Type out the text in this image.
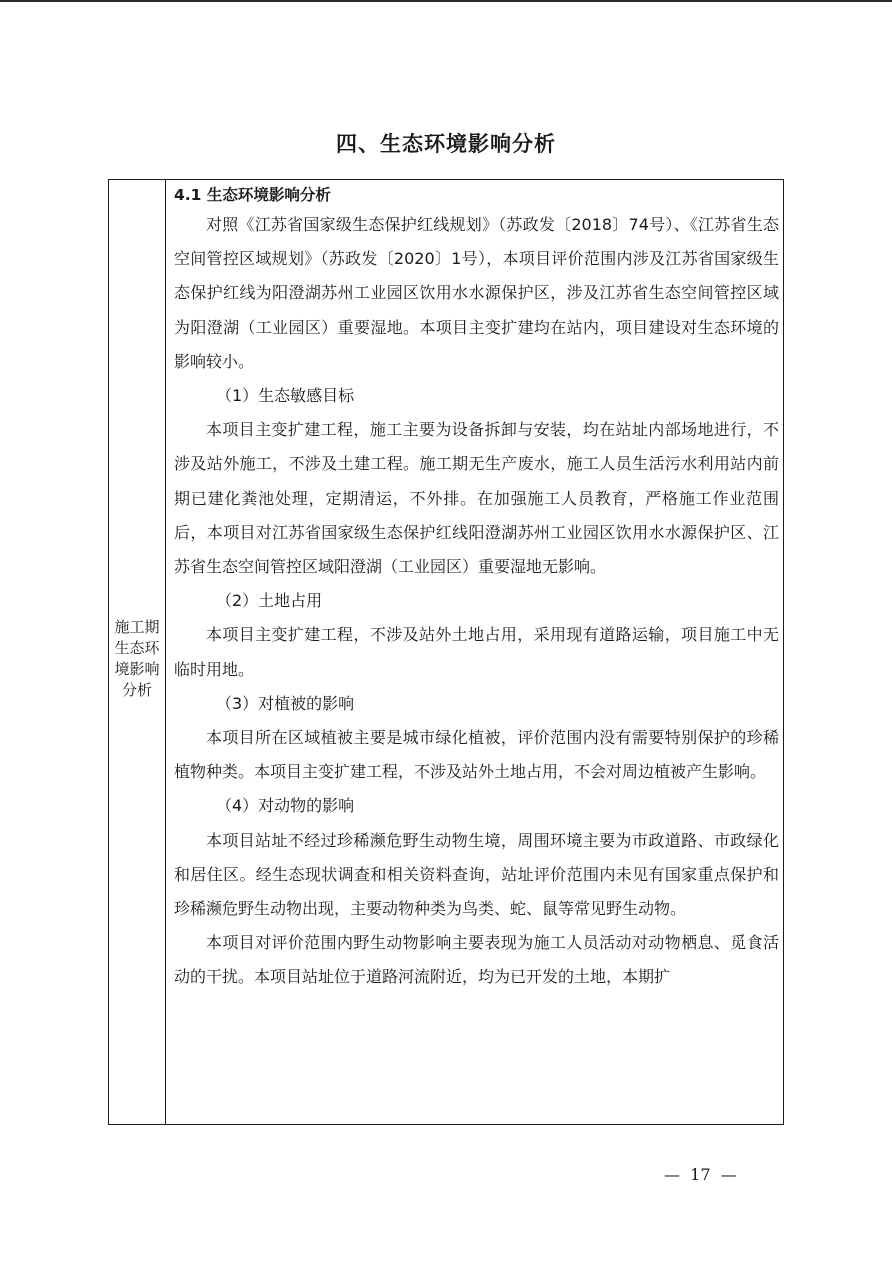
四、生态环境影响分析
施工期生态环境影响分析
4.1 生态环境影响分析

对照《江苏省国家级生态保护红线规划》（苏政发〔2018〕74号）、《江苏省生态空间管控区域规划》（苏政发〔2020〕1号），本项目评价范围内涉及江苏省国家级生态保护红线为阳澄湖苏州工业园区饮用水水源保护区，涉及江苏省生态空间管控区域为阳澄湖（工业园区）重要湿地。本项目主变扩建均在站内，项目建设对生态环境的影响较小。

（1）生态敏感目标

本项目主变扩建工程，施工主要为设备拆卸与安装，均在站址内部场地进行，不涉及站外施工，不涉及土建工程。施工期无生产废水，施工人员生活污水利用站内前期已建化粪池处理，定期清运，不外排。在加强施工人员教育，严格施工作业范围后，本项目对江苏省国家级生态保护红线阳澄湖苏州工业园区饮用水水源保护区、江苏省生态空间管控区域阳澄湖（工业园区）重要湿地无影响。

（2）土地占用

本项目主变扩建工程，不涉及站外土地占用，采用现有道路运输，项目施工中无临时用地。

（3）对植被的影响

本项目所在区域植被主要是城市绿化植被，评价范围内没有需要特别保护的珍稀植物种类。本项目主变扩建工程，不涉及站外土地占用，不会对周边植被产生影响。

（4）对动物的影响

本项目站址不经过珍稀濒危野生动物生境，周围环境主要为市政道路、市政绿化和居住区。经生态现状调查和相关资料查询，站址评价范围内未见有国家重点保护和珍稀濒危野生动物出现，主要动物种类为鸟类、蛇、鼠等常见野生动物。

本项目对评价范围内野生动物影响主要表现为施工人员活动对动物栖息、觅食活动的干扰。本项目站址位于道路河流附近，均为已开发的土地，本期扩

—  17  —
